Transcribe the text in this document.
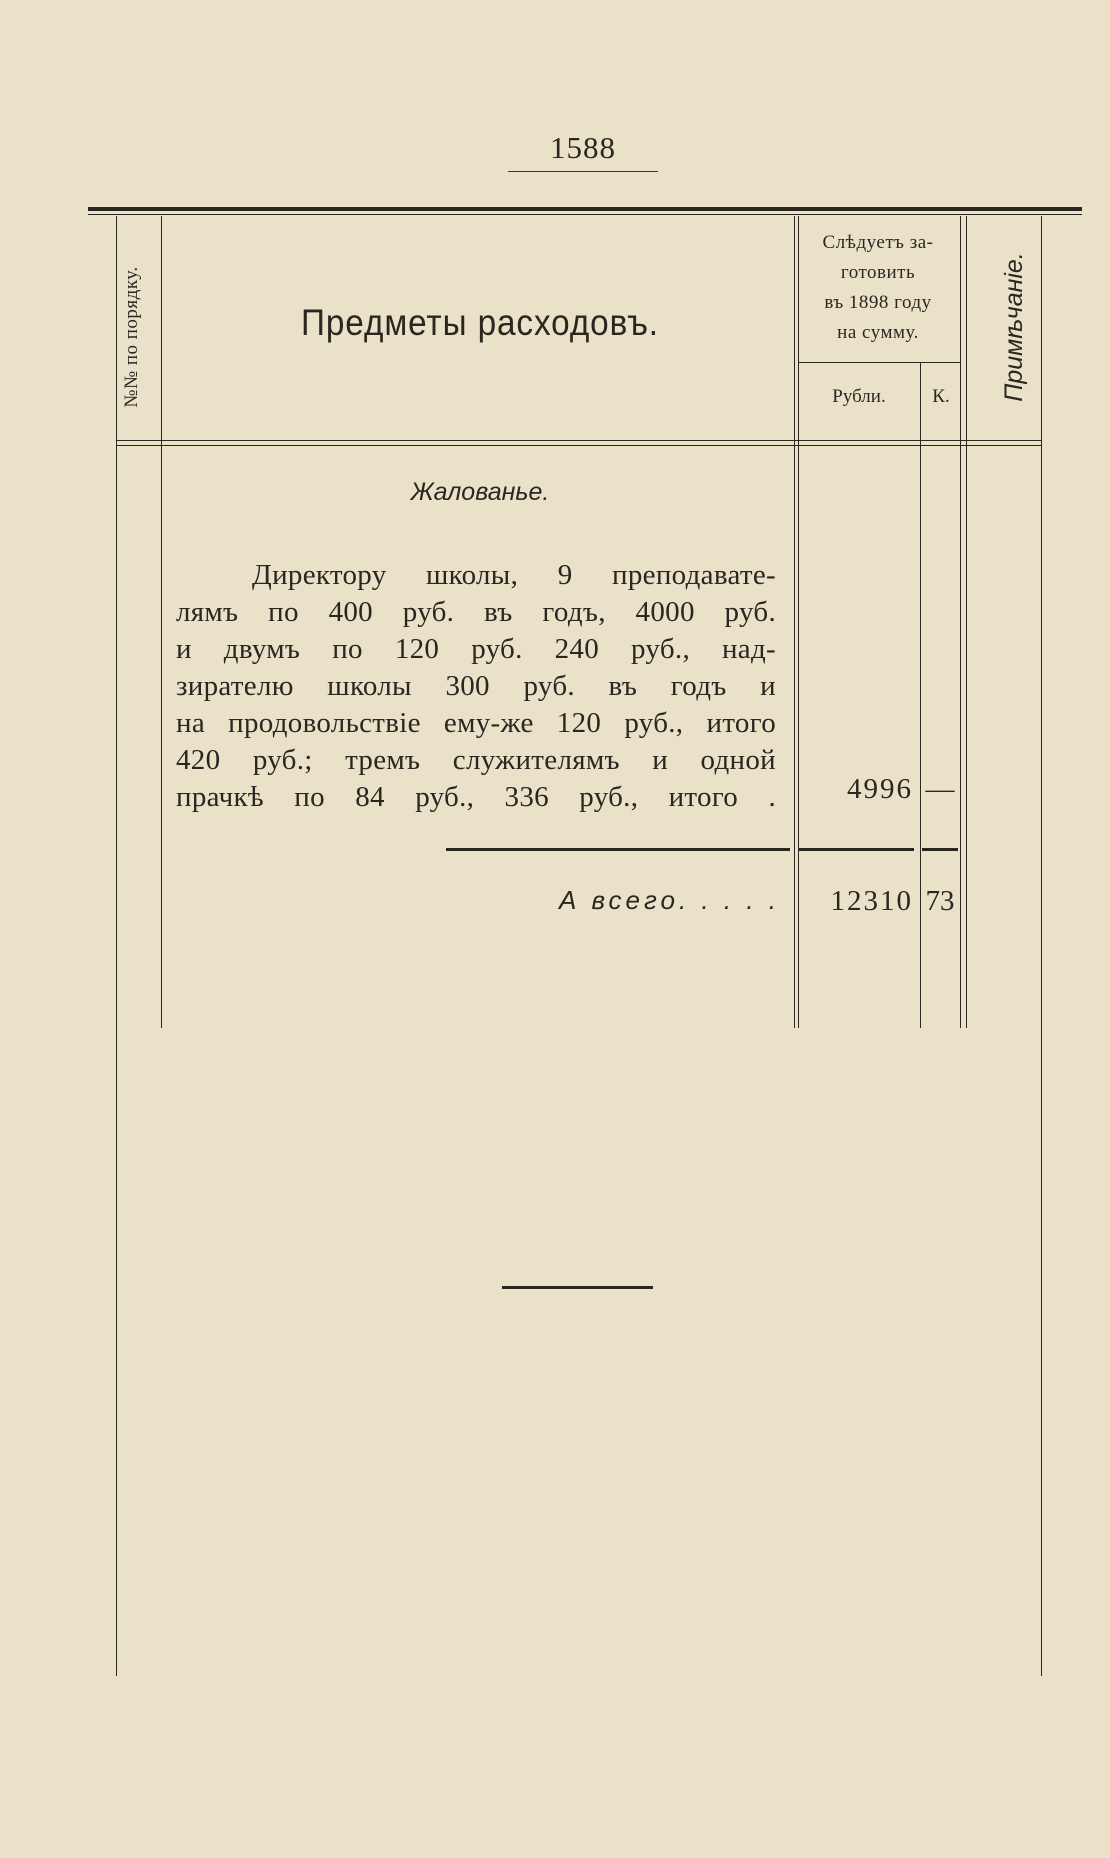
1588
№№ по порядку.	Предметы расходовъ.
Слѣдуетъ за-
готовить
въ 1898 году
на сумму.
Рубли.	К.	Примѣчаніе.
Жалованье.
Директору школы, 9 преподавате-
лямъ по 400 руб. въ годъ, 4000 руб.
и двумъ по 120 руб. 240 руб., над-
зирателю школы 300 руб. въ годъ и
на продовольствіе ему-же 120 руб., итого
420 руб.; тремъ служителямъ и одной
прачкѣ по 84 руб., 336 руб., итого .	4996 —
А всего. . . . .	12310 73
